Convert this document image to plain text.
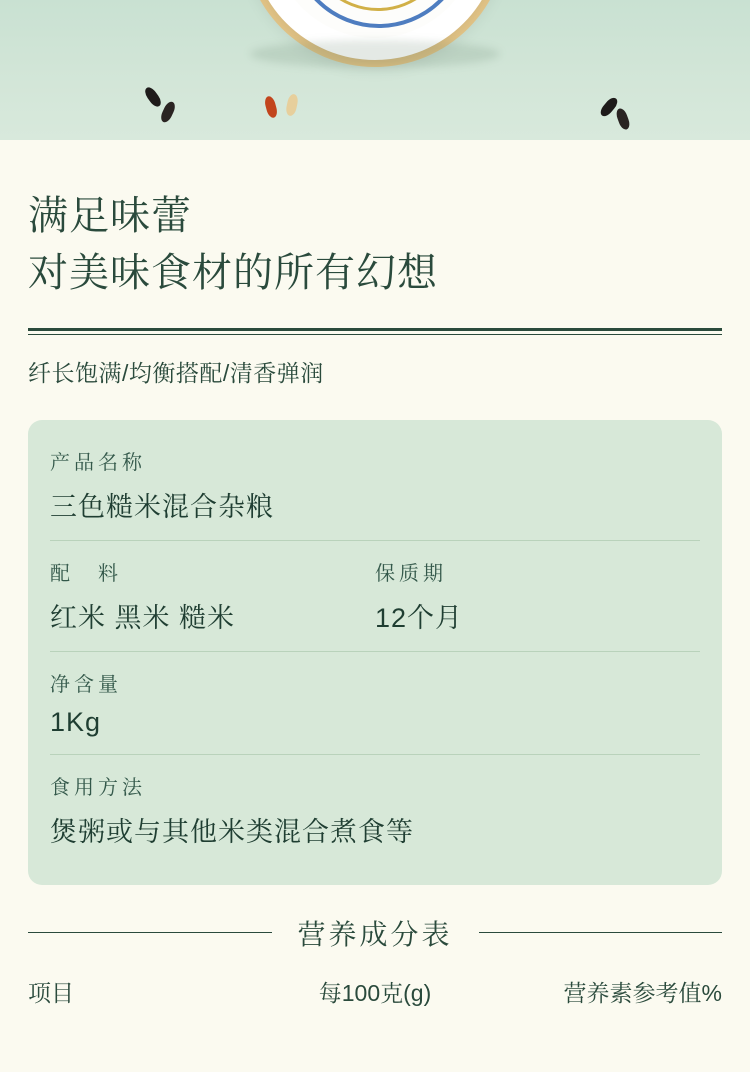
满足味蕾
对美味食材的所有幻想
纤长饱满/均衡搭配/清香弹润
产品名称
三色糙米混合杂粮
配　料
红米 黑米 糙米
保质期
12个月
净含量
1Kg
食用方法
煲粥或与其他米类混合煮食等
营养成分表
项目	每100克(g)	营养素参考值%
